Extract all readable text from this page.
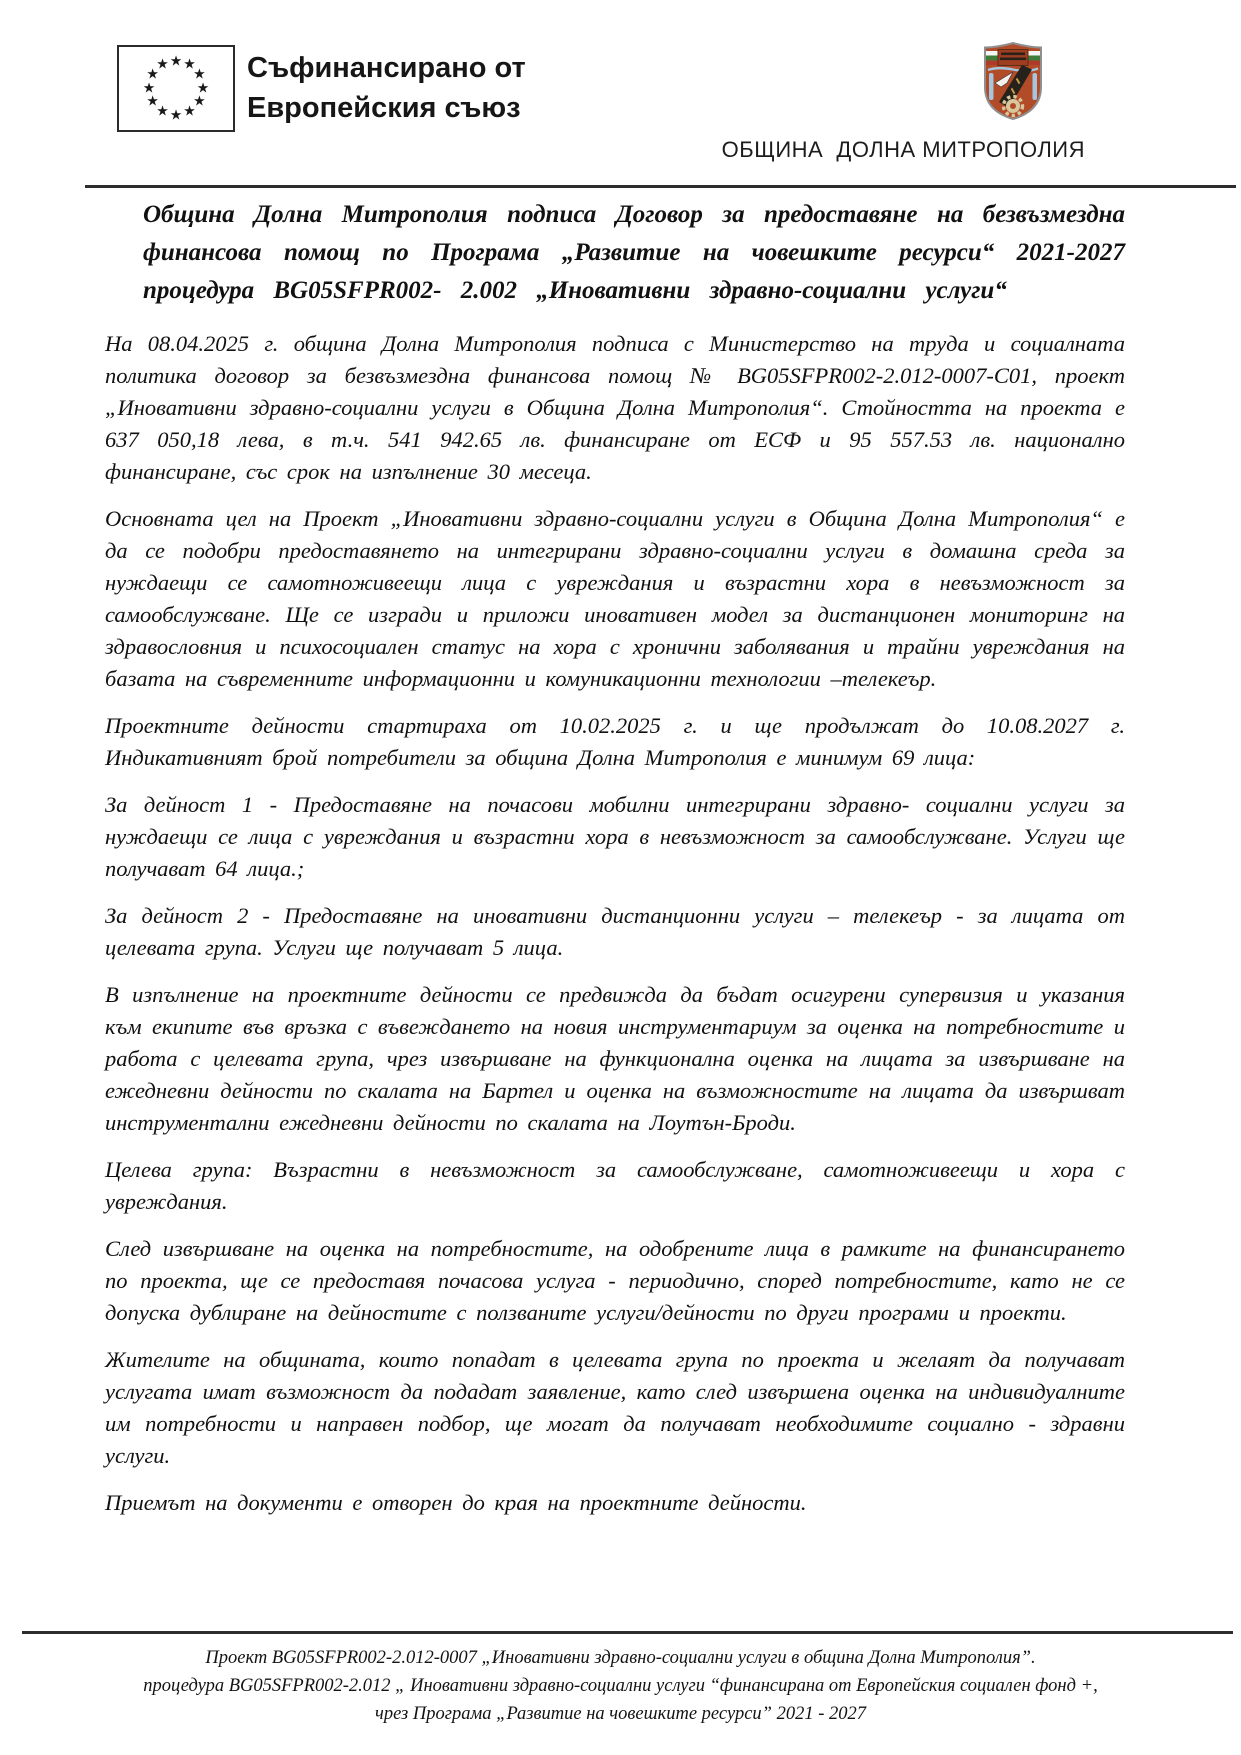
★ ★
★
★
★
★
★
★
★
★
★
★	Съфинансирано от
Европейския съюз
ОБЩИНА  ДОЛНА МИТРОПОЛИЯ

Община Долна Митрополия подписа Договор за предоставяне на безвъзмездна финансова помощ по Програма „Развитие на човешките ресурси“ 2021-2027 процедура BG05SFPR002- 2.002 „Иновативни здравно-социални услуги“

На 08.04.2025 г. община Долна Митрополия подписа с Министерство на труда и социалната политика договор за безвъзмездна финансова помощ № BG05SFPR002-2.012-0007-C01, проект „Иновативни здравно-социални услуги в Община Долна Митрополия“. Стойността на проекта е 637 050,18 лева, в т.ч. 541 942.65 лв. финансиране от ЕСФ и 95 557.53 лв. национално финансиране, със срок на изпълнение 30 месеца.

Основната цел на Проект „Иновативни здравно-социални услуги в Община Долна Митрополия“ е да се подобри предоставянето на интегрирани здравно-социални услуги в домашна среда за нуждаещи се самотноживеещи лица с увреждания и възрастни хора в невъзможност за самообслужване. Ще се изгради и приложи иновативен модел за дистанционен мониторинг на здравословния и психосоциален статус на хора с хронични заболявания и трайни увреждания на базата на съвременните информационни и комуникационни технологии –телекеър.

Проектните дейности стартираха от 10.02.2025 г. и ще продължат до 10.08.2027 г. Индикативният брой потребители за община Долна Митрополия е минимум 69 лица:

За дейност 1 - Предоставяне на почасови мобилни интегрирани здравно- социални услуги за нуждаещи се лица с увреждания и възрастни хора в невъзможност за самообслужване. Услуги ще получават 64 лица.;

За дейност 2 - Предоставяне на иновативни дистанционни услуги – телекеър - за лицата от целевата група. Услуги ще получават 5 лица.

В изпълнение на проектните дейности се предвижда да бъдат осигурени супервизия и указания към екипите във връзка с въвеждането на новия инструментариум за оценка на потребностите и работа с целевата група, чрез извършване на функционална оценка на лицата за извършване на ежедневни дейности по скалата на Бартел и оценка на възможностите на лицата да извършват инструментални ежедневни дейности по скалата на Лоутън-Броди.

Целева група: Възрастни в невъзможност за самообслужване, самотноживеещи и хора с увреждания.

След извършване на оценка на потребностите, на одобрените лица в рамките на финансирането по проекта, ще се предоставя почасова услуга - периодично, според потребностите, като не се допуска дублиране на дейностите с ползваните услуги/дейности по други програми и проекти.

Жителите на общината, които попадат в целевата група по проекта и желаят да получават услугата имат възможност да подадат заявление, като след извършена оценка на индивидуалните им потребности и направен подбор, ще могат да получават необходимите социално - здравни услуги.

Приемът на документи е отворен до края на проектните дейности.

Проект BG05SFPR002-2.012-0007 „Иновативни здравно-социални услуги в община Долна Митрополия”.
процедура BG05SFPR002-2.012 „ Иновативни здравно-социални услуги “финансирана от Европейския социален фонд +,
чрез Програма „Развитие на човешките ресурси” 2021 - 2027
